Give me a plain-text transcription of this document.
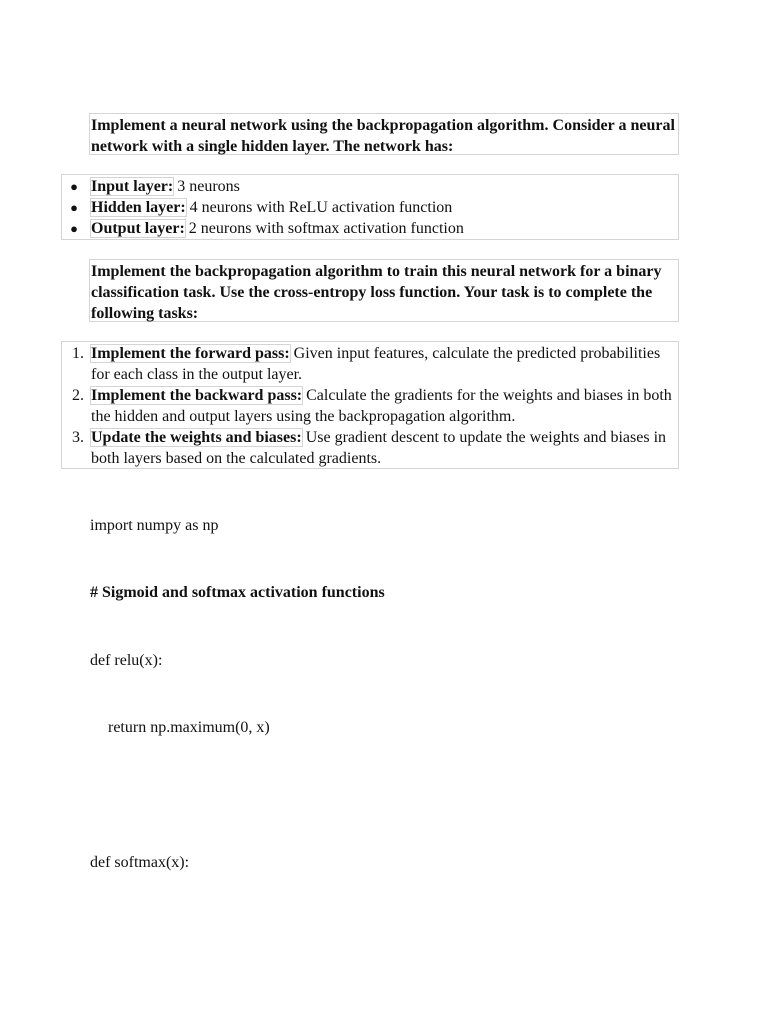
Implement a neural network using the backpropagation algorithm. Consider a neural network with a single hidden layer. The network has:
● Input layer: 3 neurons
● Hidden layer: 4 neurons with ReLU activation function
● Output layer: 2 neurons with softmax activation function
Implement the backpropagation algorithm to train this neural network for a binary classification task. Use the cross-entropy loss function. Your task is to complete the following tasks:
1. Implement the forward pass: Given input features, calculate the predicted probabilities for each class in the output layer.
2. Implement the backward pass: Calculate the gradients for the weights and biases in both the hidden and output layers using the backpropagation algorithm.
3. Update the weights and biases: Use gradient descent to update the weights and biases in both layers based on the calculated gradients.
import numpy as np
# Sigmoid and softmax activation functions
def relu(x):
return np.maximum(0, x)
def softmax(x):
